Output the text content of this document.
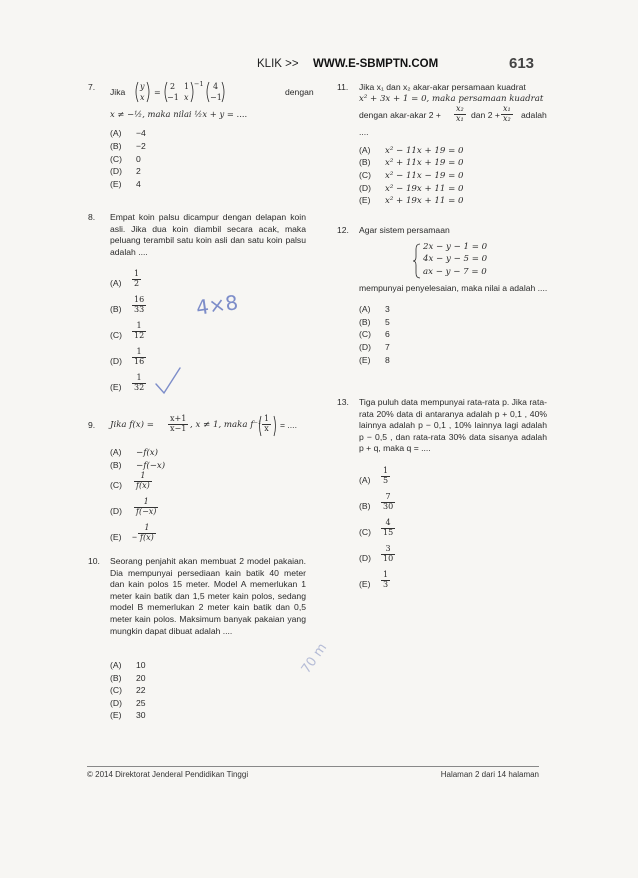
KLIK >> WWW.E-SBMPTN.COM	613
7.	Jika
y
x
=
2 1
−1 x
−1 4
−1
dengan
x ≠ −½, maka nilai ½x + y = ....
(A) −4
(B) −2
(C) 0
(D) 2
(E) 4
8.	Empat koin palsu dicampur dengan delapan koin asli. Jika dua koin diambil secara acak, maka peluang terambil satu koin asli dan satu koin palsu adalah ....
$(A) \frac{1}{2}$
$(B) \frac{16}{33}$
$(C) \frac{1}{12}$
$(D) \frac{1}{16}$
$(E) \frac{1}{32}$
4×8
9.	Jika $f(x) = \frac{x+1}{x-1}$ , x ≠ 1, maka $f^{-1} \frac{1}{x}$ = ....
(A) −f(x)
(B) −f(−x)
$(C) \frac{1}{f(x)}$
$(D) \frac{1}{f(-x)}$
$(E) - \frac{1}{f(x)}$
10.	Seorang penjahit akan membuat 2 model pakaian. Dia mempunyai persediaan kain batik 40 meter dan kain polos 15 meter. Model A memerlukan 1 meter kain batik dan 1,5 meter kain polos, sedang model B memerlukan 2 meter kain batik dan 0,5 meter kain polos. Maksimum banyak pakaian yang mungkin dapat dibuat adalah ....
(A) 10
(B) 20
(C) 22
(D) 25
(E) 30
11.	Jika x₁ dan x₂ akar-akar persamaan kuadrat
x² + 3x + 1 = 0, maka persamaan kuadrat
dengan akar-akar $2 + \frac{\text{x₂}}{\text{x₁}}$ dan $2 + \frac{\text{x₁}}{\text{x₂}}$ adalah
....
(A) x² − 11x + 19 = 0
(B) x² + 11x + 19 = 0
(C) x² − 11x − 19 = 0
(D) x² − 19x + 11 = 0
(E) x² + 19x + 11 = 0
12.	Agar sistem persamaan
2x − y − 1 = 0
4x − y − 5 = 0
ax − y − 7 = 0
mempunyai penyelesaian, maka nilai a adalah ....
(A) 3
(B) 5
(C) 6
(D) 7
(E) 8
13.	Tiga puluh data mempunyai rata-rata p. Jika rata-rata 20% data di antaranya adalah p + 0,1 , 40% lainnya adalah p − 0,1 , 10% lainnya lagi adalah p − 0,5 , dan rata-rata 30% data sisanya adalah p + q, maka q = ....
$(A) \frac{1}{5}$
$(B) \frac{7}{30}$
$(C) \frac{4}{15}$
$(D) \frac{3}{10}$
$(E) \frac{1}{3}$
70 m
© 2014 Direktorat Jenderal Pendidikan Tinggi	Halaman 2 dari 14 halaman
